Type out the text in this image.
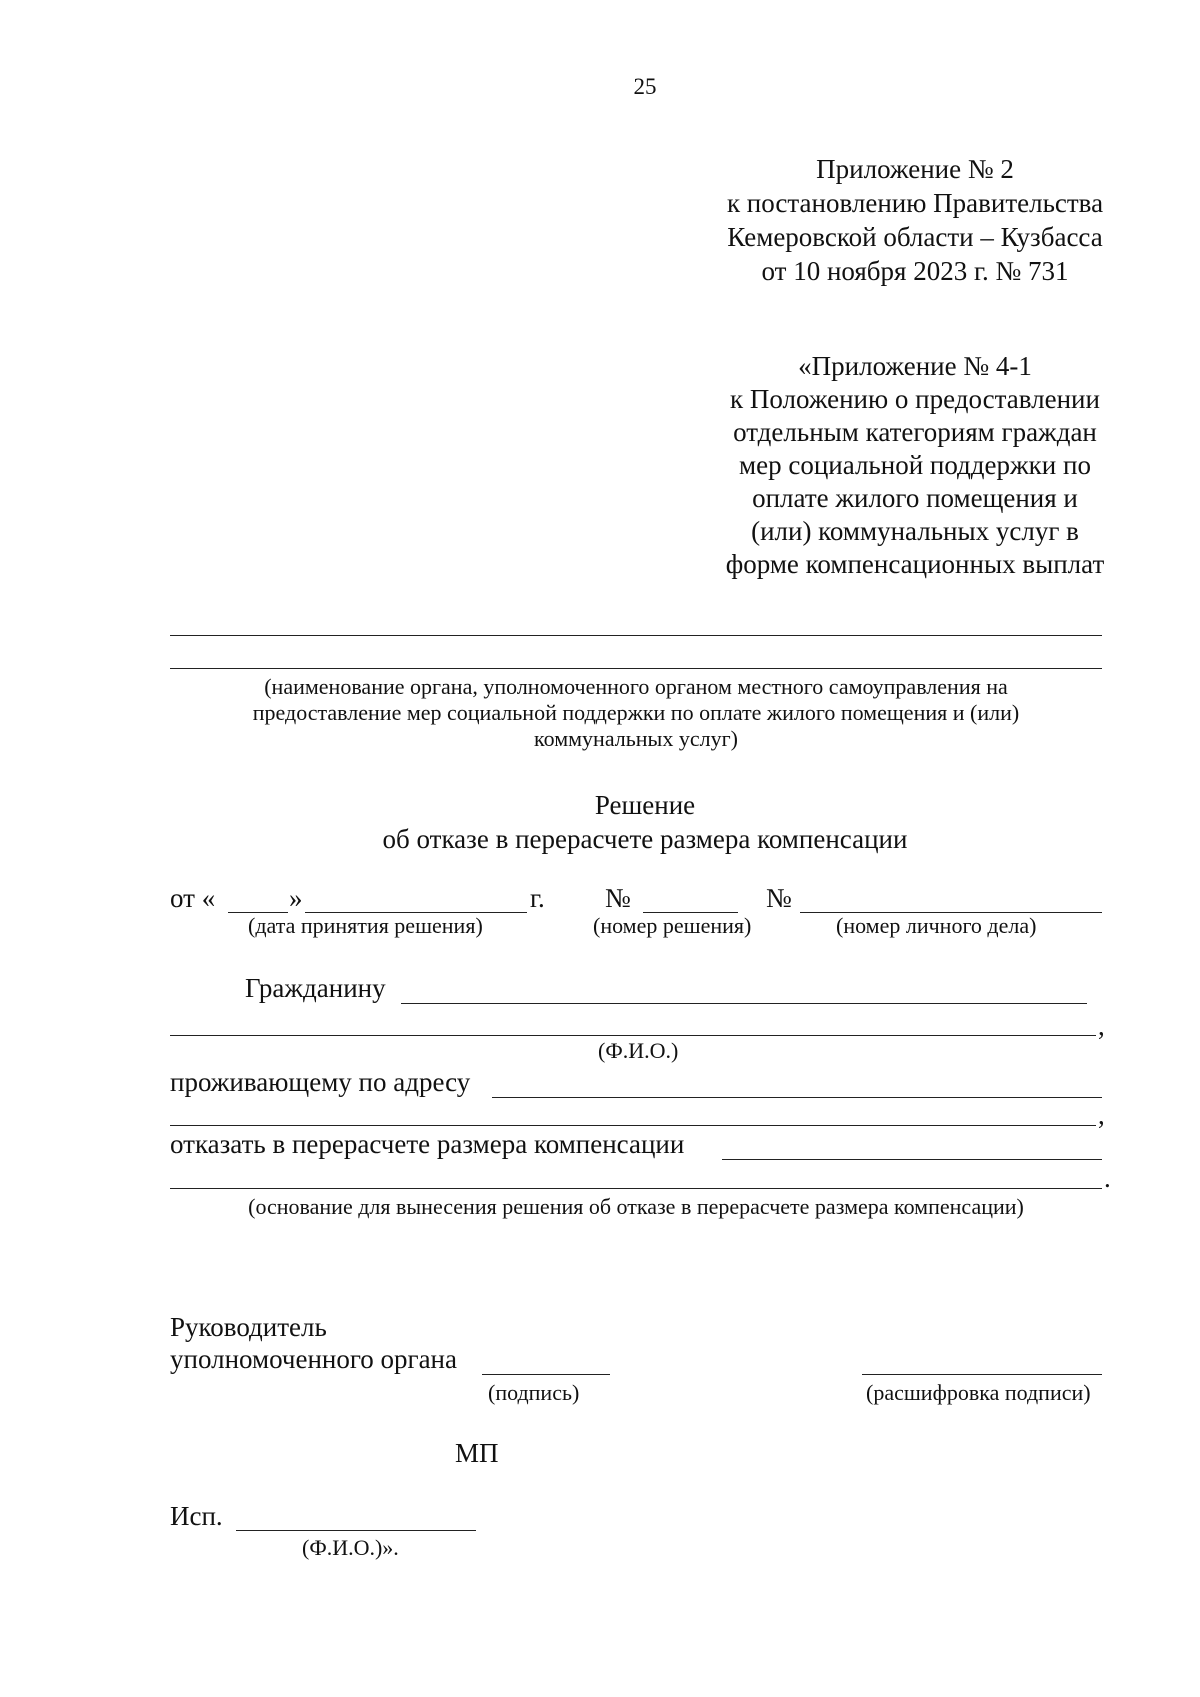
25
Приложение № 2
к постановлению Правительства
Кемеровской области – Кузбасса
от 10 ноября 2023 г. № 731
«Приложение № 4-1
к Положению о предоставлении
отдельным категориям граждан
мер социальной поддержки по
оплате жилого помещения и
(или) коммунальных услуг в
форме компенсационных выплат
(наименование органа, уполномоченного органом местного самоуправления на
предоставление мер социальной поддержки по оплате жилого помещения и (или)
коммунальных услуг)
Решение
об отказе в перерасчете размера компенсации
от «	»	г. №	№
(дата принятия решения)	(номер решения)	(номер личного дела)
Гражданину
,
(Ф.И.О.)
проживающему по адресу
,
отказать в перерасчете размера компенсации
.
(основание для вынесения решения об отказе в перерасчете размера компенсации)
Руководитель
уполномоченного органа
(подпись)	(расшифровка подписи)
МП
Исп.
(Ф.И.О.)».
